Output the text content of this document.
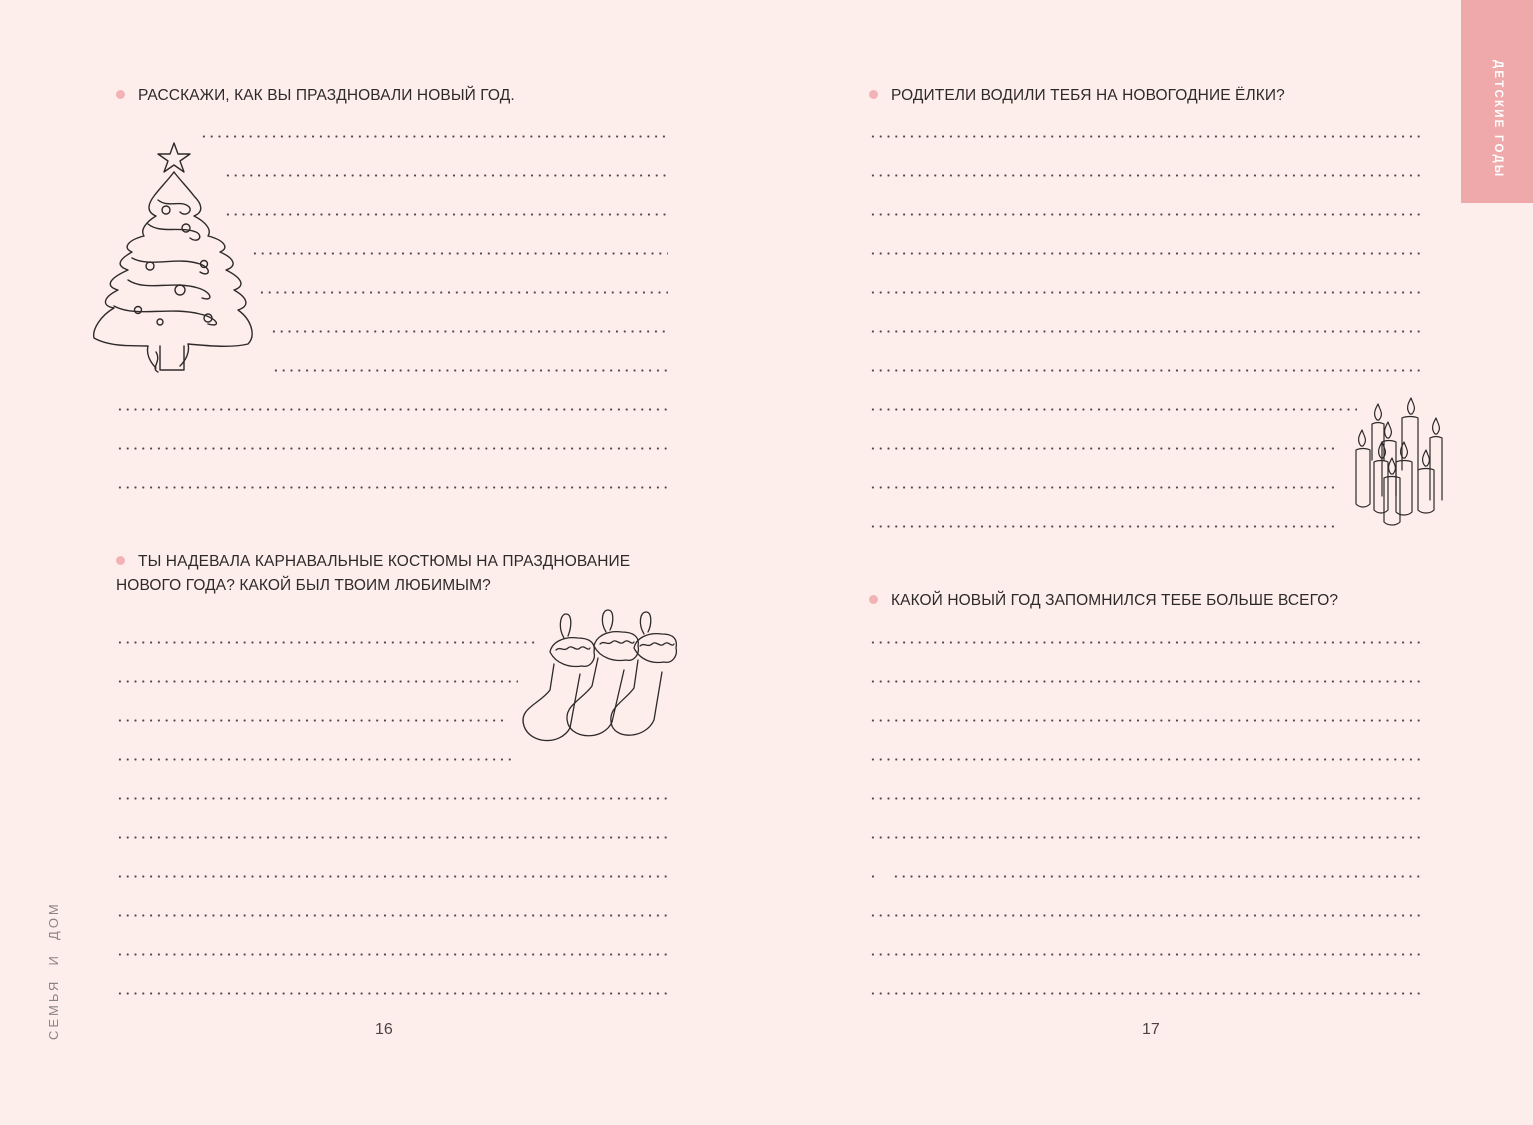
СЕМЬЯ  И  ДОМ
РАССКАЖИ, КАК ВЫ ПРАЗДНОВАЛИ НОВЫЙ ГОД.
ТЫ НАДЕВАЛА КАРНАВАЛЬНЫЕ КОСТЮМЫ НА ПРАЗДНОВАНИЕ
НОВОГО ГОДА? КАКОЙ БЫЛ ТВОИМ ЛЮБИМЫМ?
16
ДЕТСКИЕ ГОДЫ
РОДИТЕЛИ ВОДИЛИ ТЕБЯ НА НОВОГОДНИЕ ЁЛКИ?
КАКОЙ НОВЫЙ ГОД ЗАПОМНИЛСЯ ТЕБЕ БОЛЬШЕ ВСЕГО?
17
